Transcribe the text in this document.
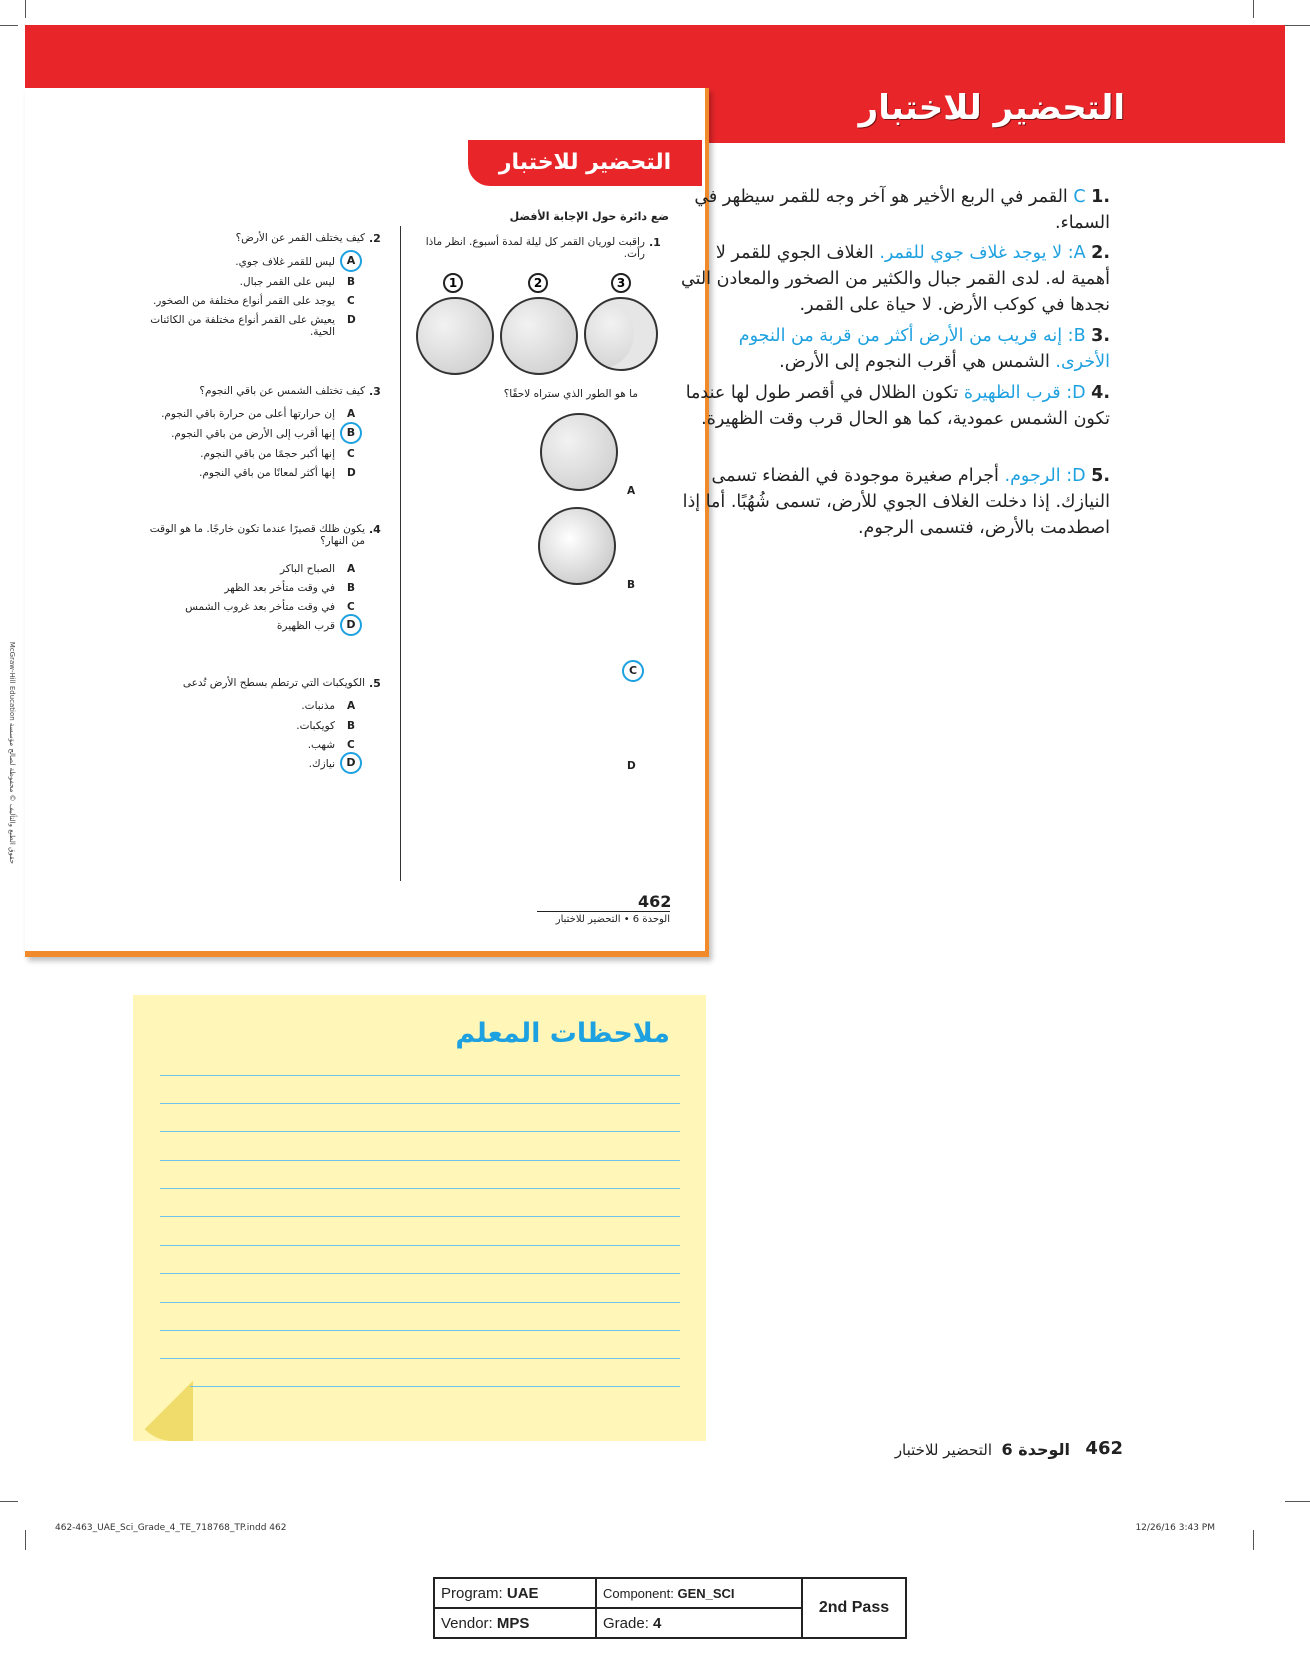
التحضير للاختبار
التحضير للاختبار
ضع دائرة حول الإجابة الأفضل
.1
راقبت لوريان القمر كل ليلة لمدة أسبوع. انظر ماذا رأت.
3
2
1
ما هو الطور الذي ستراه لاحقًا؟
A
B
C
D
.2
كيف يختلف القمر عن الأرض؟
A
ليس للقمر غلاف جوي.
B
ليس على القمر جبال.
C
يوجد على القمر أنواع مختلفة من الصخور.
D
يعيش على القمر أنواع مختلفة من الكائنات الحية.
.3
كيف تختلف الشمس عن باقي النجوم؟
A
إن حرارتها أعلى من حرارة باقي النجوم.
B
إنها أقرب إلى الأرض من باقي النجوم.
C
إنها أكبر حجمًا من باقي النجوم.
D
إنها أكثر لمعانًا من باقي النجوم.
.4
يكون ظلك قصيرًا عندما تكون خارجًا. ما هو الوقت من النهار؟
A
الصباح الباكر
B
في وقت متأخر بعد الظهر
C
في وقت متأخر بعد غروب الشمس
D
قرب الظهيرة
.5
الكويكبات التي ترتطم بسطح الأرض تُدعى
A
مذنبات.
B
كويكبات.
C
شهب.
D
نيازك.
حقوق الطبع والتأليف © محفوظة لصالح مؤسسة McGraw-Hill Education
462
الوحدة 6 • التحضير للاختبار
.1 C القمر في الربع الأخير هو آخر وجه للقمر سيظهر في السماء.
.2 A: لا يوجد غلاف جوي للقمر. الغلاف الجوي للقمر لا أهمية له. لدى القمر جبال والكثير من الصخور والمعادن التي نجدها في كوكب الأرض. لا حياة على القمر.
.3 B: إنه قريب من الأرض أكثر من قربة من النجوم الأخرى. الشمس هي أقرب النجوم إلى الأرض.
.4 D: قرب الظهيرة تكون الظلال في أقصر طول لها عندما تكون الشمس عمودية، كما هو الحال قرب وقت الظهيرة.
.5 D: الرجوم. أجرام صغيرة موجودة في الفضاء تسمى النيازك. إذا دخلت الغلاف الجوي للأرض، تسمى شُهُبًا. أما إذا اصطدمت بالأرض، فتسمى الرجوم.
ملاحظات المعلم
462
الوحدة 6
التحضير للاختبار
462-463_UAE_Sci_Grade_4_TE_718768_TP.indd 462	12/26/16 3:43 PM
Program: UAE	Component: GEN_SCI	2nd Pass
Vendor: MPS	Grade: 4	
